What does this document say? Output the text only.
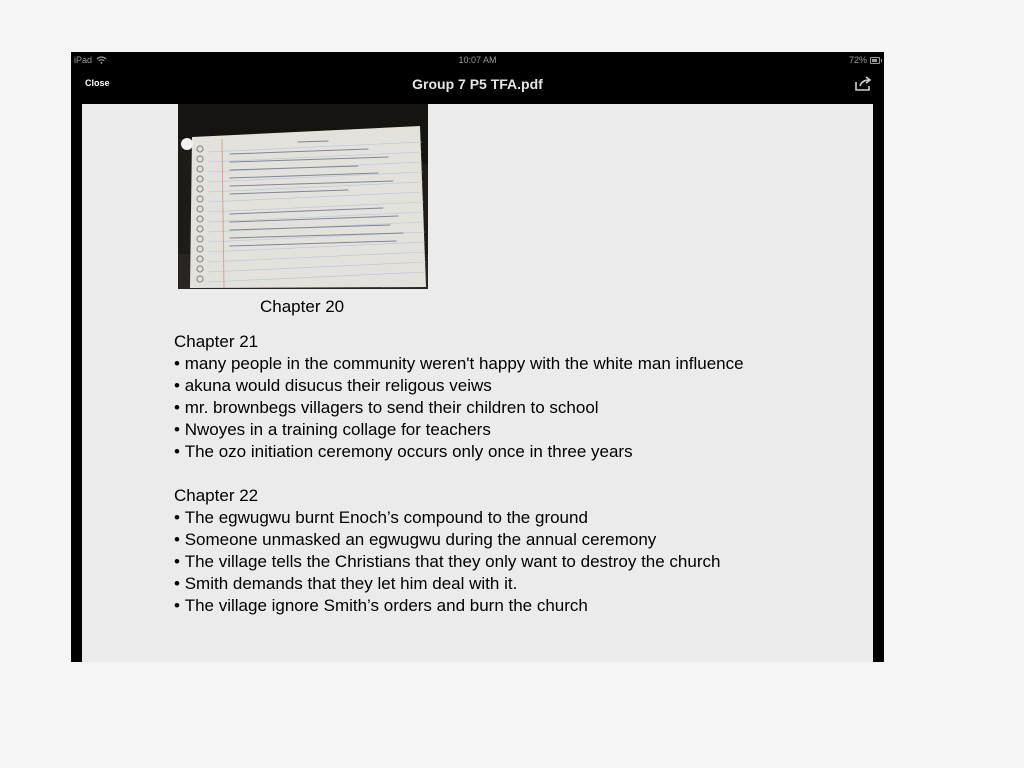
iPad	10:07 AM	72%
Close	Group 7 P5 TFA.pdf
Chapter 20
Chapter 21
• many people in the community weren't happy with the white man influence
• akuna would disucus their religous veiws
• mr. brownbegs villagers to send their children to school
• Nwoyes in a training collage for teachers
• The ozo initiation ceremony occurs only once in three years
Chapter 22
• The egwugwu burnt Enoch’s compound to the ground
• Someone unmasked an egwugwu during the annual ceremony
• The village tells the Christians that they only want to destroy the church
• Smith demands that they let him deal with it.
• The village ignore Smith’s orders and burn the church
